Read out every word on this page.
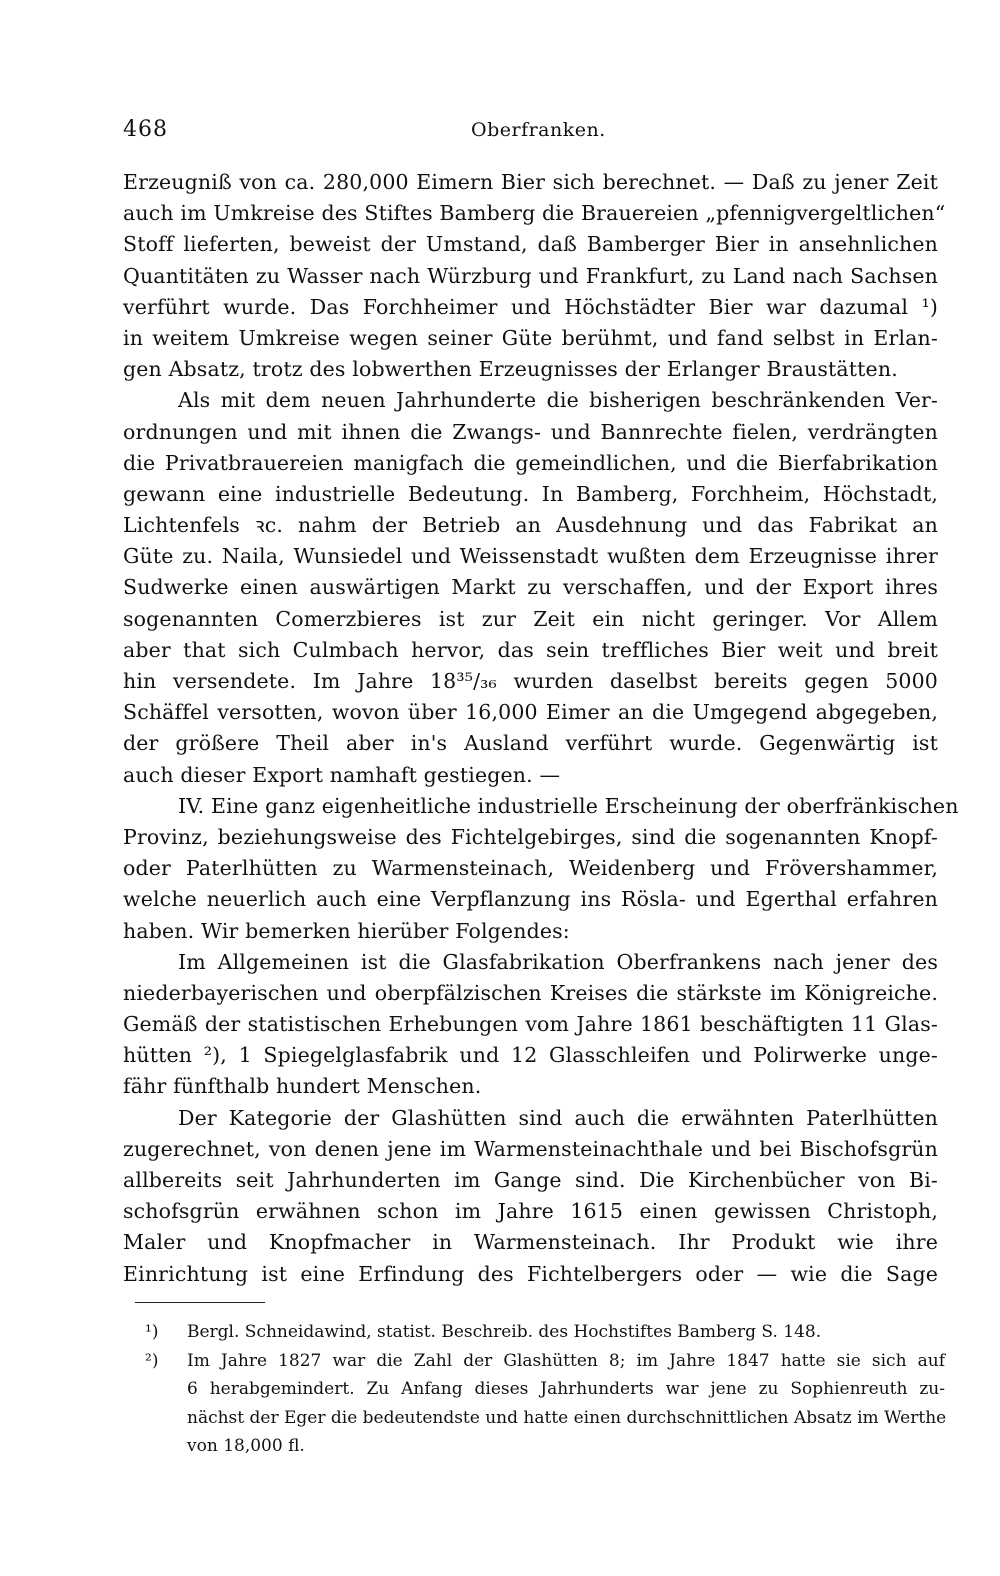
468	Oberfranken.
Erzeugniß von ca. 280,000 Eimern Bier sich berechnet. — Daß zu jener Zeit
auch im Umkreise des Stiftes Bamberg die Brauereien „pfennigvergeltlichen“
Stoff lieferten, beweist der Umstand, daß Bamberger Bier in ansehnlichen
Quantitäten zu Wasser nach Würzburg und Frankfurt, zu Land nach Sachsen
verführt wurde. Das Forchheimer und Höchstädter Bier war dazumal ¹)
in weitem Umkreise wegen seiner Güte berühmt, und fand selbst in Erlan-
gen Absatz, trotz des lobwerthen Erzeugnisses der Erlanger Braustätten.
Als mit dem neuen Jahrhunderte die bisherigen beschränkenden Ver-
ordnungen und mit ihnen die Zwangs- und Bannrechte fielen, verdrängten
die Privatbrauereien manigfach die gemeindlichen, und die Bierfabrikation
gewann eine industrielle Bedeutung. In Bamberg, Forchheim, Höchstadt,
Lichtenfels ꝛc. nahm der Betrieb an Ausdehnung und das Fabrikat an
Güte zu. Naila, Wunsiedel und Weissenstadt wußten dem Erzeugnisse ihrer
Sudwerke einen auswärtigen Markt zu verschaffen, und der Export ihres
sogenannten Comerzbieres ist zur Zeit ein nicht geringer. Vor Allem
aber that sich Culmbach hervor, das sein treffliches Bier weit und breit
hin versendete. Im Jahre 18³⁵/₃₆ wurden daselbst bereits gegen 5000
Schäffel versotten, wovon über 16,000 Eimer an die Umgegend abgegeben,
der größere Theil aber in's Ausland verführt wurde. Gegenwärtig ist
auch dieser Export namhaft gestiegen. —
IV. Eine ganz eigenheitliche industrielle Erscheinung der oberfränkischen
Provinz, beziehungsweise des Fichtelgebirges, sind die sogenannten Knopf-
oder Paterlhütten zu Warmensteinach, Weidenberg und Frövershammer,
welche neuerlich auch eine Verpflanzung ins Rösla- und Egerthal erfahren
haben. Wir bemerken hierüber Folgendes:
Im Allgemeinen ist die Glasfabrikation Oberfrankens nach jener des
niederbayerischen und oberpfälzischen Kreises die stärkste im Königreiche.
Gemäß der statistischen Erhebungen vom Jahre 1861 beschäftigten 11 Glas-
hütten ²), 1 Spiegelglasfabrik und 12 Glasschleifen und Polirwerke unge-
fähr fünfthalb hundert Menschen.
Der Kategorie der Glashütten sind auch die erwähnten Paterlhütten
zugerechnet, von denen jene im Warmensteinachthale und bei Bischofsgrün
allbereits seit Jahrhunderten im Gange sind. Die Kirchenbücher von Bi-
schofsgrün erwähnen schon im Jahre 1615 einen gewissen Christoph,
Maler und Knopfmacher in Warmensteinach. Ihr Produkt wie ihre
Einrichtung ist eine Erfindung des Fichtelbergers oder — wie die Sage
¹) Bergl. Schneidawind, statist. Beschreib. des Hochstiftes Bamberg S. 148.
²) Im Jahre 1827 war die Zahl der Glashütten 8; im Jahre 1847 hatte sie sich auf
6 herabgemindert. Zu Anfang dieses Jahrhunderts war jene zu Sophienreuth zu-
nächst der Eger die bedeutendste und hatte einen durchschnittlichen Absatz im Werthe
von 18,000 fl.
